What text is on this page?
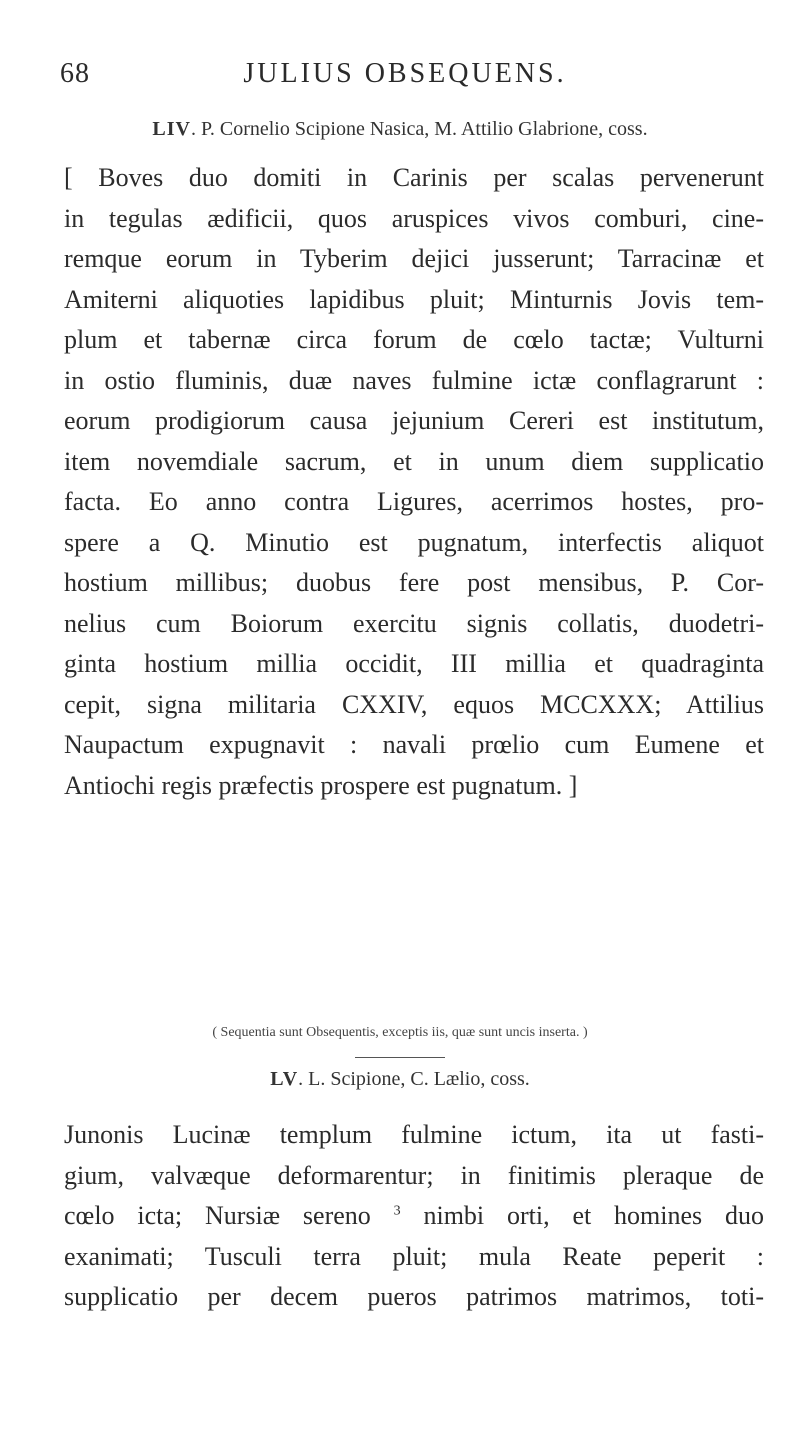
68	JULIUS OBSEQUENS.
LIV. P. Cornelio Scipione Nasica, M. Attilio Glabrione, coss.
[ Boves duo domiti in Carinis per scalas pervenerunt
in tegulas ædificii, quos aruspices vivos comburi, cine-
remque eorum in Tyberim dejici jusserunt; Tarracinæ et
Amiterni aliquoties lapidibus pluit; Minturnis Jovis tem-
plum et tabernæ circa forum de cœlo tactæ; Vulturni
in ostio fluminis, duæ naves fulmine ictæ conflagrarunt :
eorum prodigiorum causa jejunium Cereri est institutum,
item novemdiale sacrum, et in unum diem supplicatio
facta. Eo anno contra Ligures, acerrimos hostes, pro-
spere a Q. Minutio est pugnatum, interfectis aliquot
hostium millibus; duobus fere post mensibus, P. Cor-
nelius cum Boiorum exercitu signis collatis, duodetri-
ginta hostium millia occidit, III millia et quadraginta
cepit, signa militaria CXXIV, equos MCCXXX; Attilius
Naupactum expugnavit : navali prœlio cum Eumene et
Antiochi regis præfectis prospere est pugnatum. ]
( Sequentia sunt Obsequentis, exceptis iis, quæ sunt uncis inserta. )
LV. L. Scipione, C. Lælio, coss.
Junonis Lucinæ templum fulmine ictum, ita ut fasti-
gium, valvæque deformarentur; in finitimis pleraque de
cœlo icta; Nursiæ sereno $^3$ nimbi orti, et homines duo
exanimati; Tusculi terra pluit; mula Reate peperit :
supplicatio per decem pueros patrimos matrimos, toti-
